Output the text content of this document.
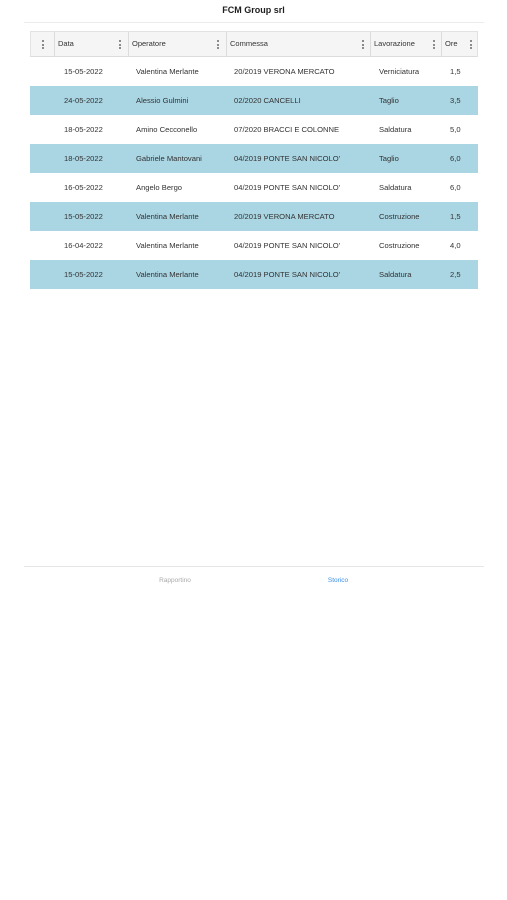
FCM Group srl
Data	Operatore	Commessa	Lavorazione	Ore
15-05-2022	Valentina Merlante	20/2019 VERONA MERCATO	Verniciatura	1,5
24-05-2022	Alessio Gulmini	02/2020 CANCELLI	Taglio	3,5
18-05-2022	Amino Cecconello	07/2020 BRACCI E COLONNE	Saldatura	5,0
18-05-2022	Gabriele Mantovani	04/2019 PONTE SAN NICOLO'	Taglio	6,0
16-05-2022	Angelo Bergo	04/2019 PONTE SAN NICOLO'	Saldatura	6,0
15-05-2022	Valentina Merlante	20/2019 VERONA MERCATO	Costruzione	1,5
16-04-2022	Valentina Merlante	04/2019 PONTE SAN NICOLO'	Costruzione	4,0
15-05-2022	Valentina Merlante	04/2019 PONTE SAN NICOLO'	Saldatura	2,5
Rapportino	Storico
